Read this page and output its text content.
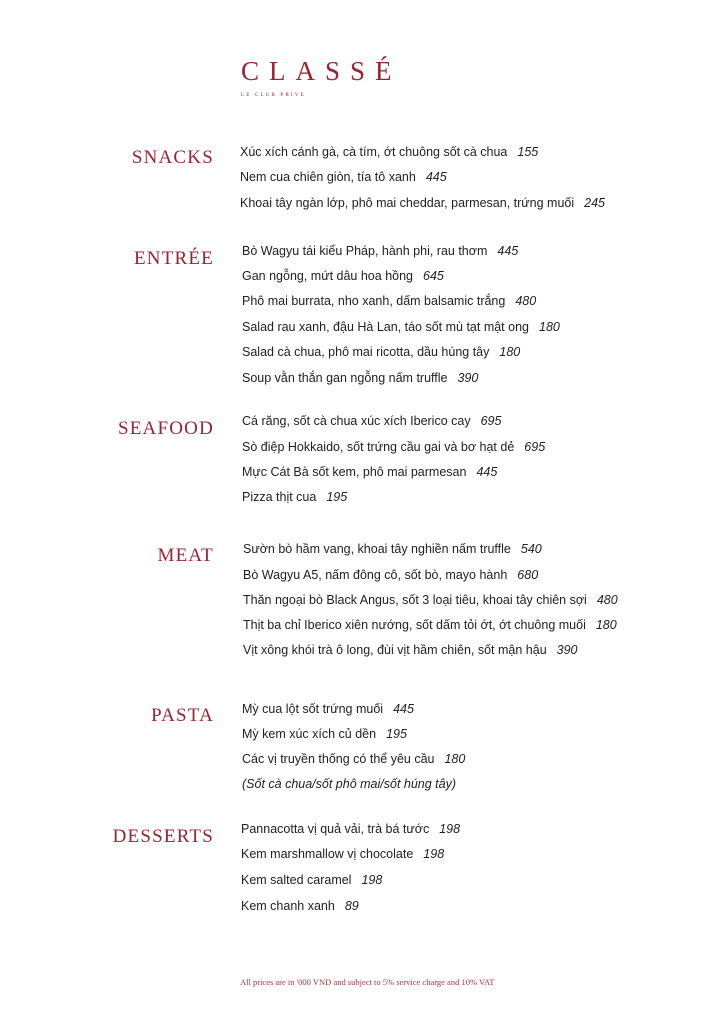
CLASSÉ
LE CLUB PRIVE
SNACKS Xúc xích cánh gà, cà tím, ớt chuông sốt cà chua 155
Nem cua chiên giòn, tía tô xanh 445
Khoai tây ngàn lớp, phô mai cheddar, parmesan, trứng muối 245
ENTRÉE Bò Wagyu tái kiểu Pháp, hành phi, rau thơm 445
Gan ngỗng, mứt dâu hoa hồng 645
Phô mai burrata, nho xanh, dấm balsamic trắng 480
Salad rau xanh, đậu Hà Lan, táo sốt mù tạt mật ong 180
Salad cà chua, phô mai ricotta, dầu húng tây 180
Soup vằn thắn gan ngỗng nấm truffle 390
SEAFOOD Cá răng, sốt cà chua xúc xích Iberico cay 695
Sò điệp Hokkaido, sốt trứng cầu gai và bơ hạt dẻ 695
Mực Cát Bà sốt kem, phô mai parmesan 445
Pizza thịt cua 195
MEAT Sườn bò hầm vang, khoai tây nghiền nấm truffle 540
Bò Wagyu A5, nấm đông cô, sốt bò, mayo hành 680
Thăn ngoại bò Black Angus, sốt 3 loại tiêu, khoai tây chiên sợi 480
Thịt ba chỉ Iberico xiên nướng, sốt dấm tỏi ớt, ớt chuông muối 180
Vịt xông khói trà ô long, đùi vịt hầm chiên, sốt mận hậu 390
PASTA Mỳ cua lột sốt trứng muối 445
Mỳ kem xúc xích củ dền 195
Các vị truyền thống có thể yêu cầu 180
(Sốt cà chua/sốt phô mai/sốt húng tây)
DESSERTS Pannacotta vị quả vải, trà bá tước 198
Kem marshmallow vị chocolate 198
Kem salted caramel 198
Kem chanh xanh 89
All prices are in '000 VND and subject to 5% service charge and 10% VAT
